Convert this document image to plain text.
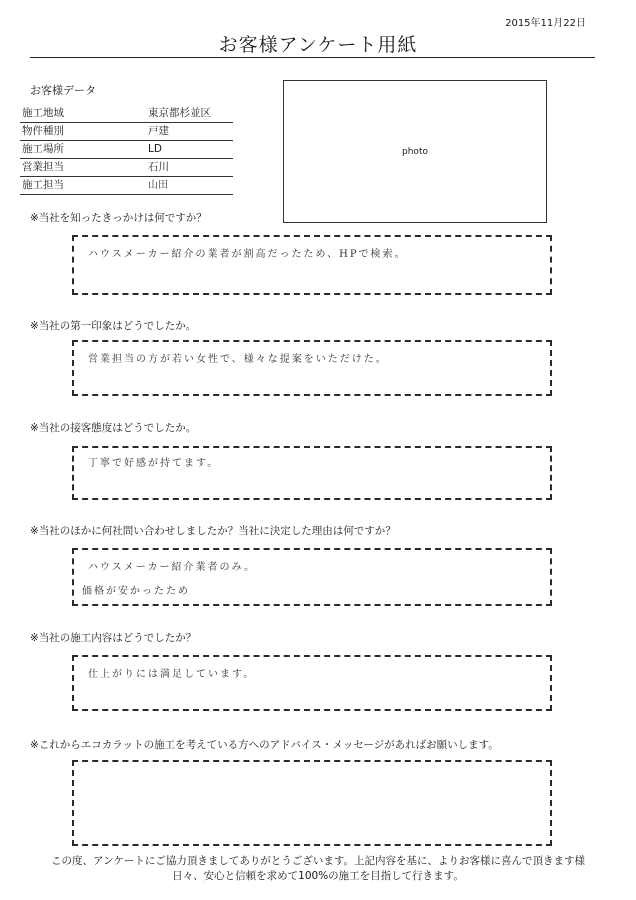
2015年11月22日
お客様アンケート用紙
お客様データ
施工地域	東京都杉並区
物件種別	戸建
施工場所	LD
営業担当	石川
施工担当	山田
photo
※当社を知ったきっかけは何ですか？
ハウスメーカー紹介の業者が割高だったため、HPで検索。
※当社の第一印象はどうでしたか。
営業担当の方が若い女性で、様々な提案をいただけた。
※当社の接客態度はどうでしたか。
丁寧で好感が持てます。
※当社のほかに何社問い合わせしましたか？当社に決定した理由は何ですか？
ハウスメーカー紹介業者のみ。
価格が安かったため
※当社の施工内容はどうでしたか？
仕上がりには満足しています。
※これからエコカラットの施工を考えている方へのアドバイス・メッセージがあればお願いします。
この度、アンケートにご協力頂きましてありがとうございます。上記内容を基に、よりお客様に喜んで頂きます様
日々、安心と信頼を求めて100%の施工を目指して行きます。
